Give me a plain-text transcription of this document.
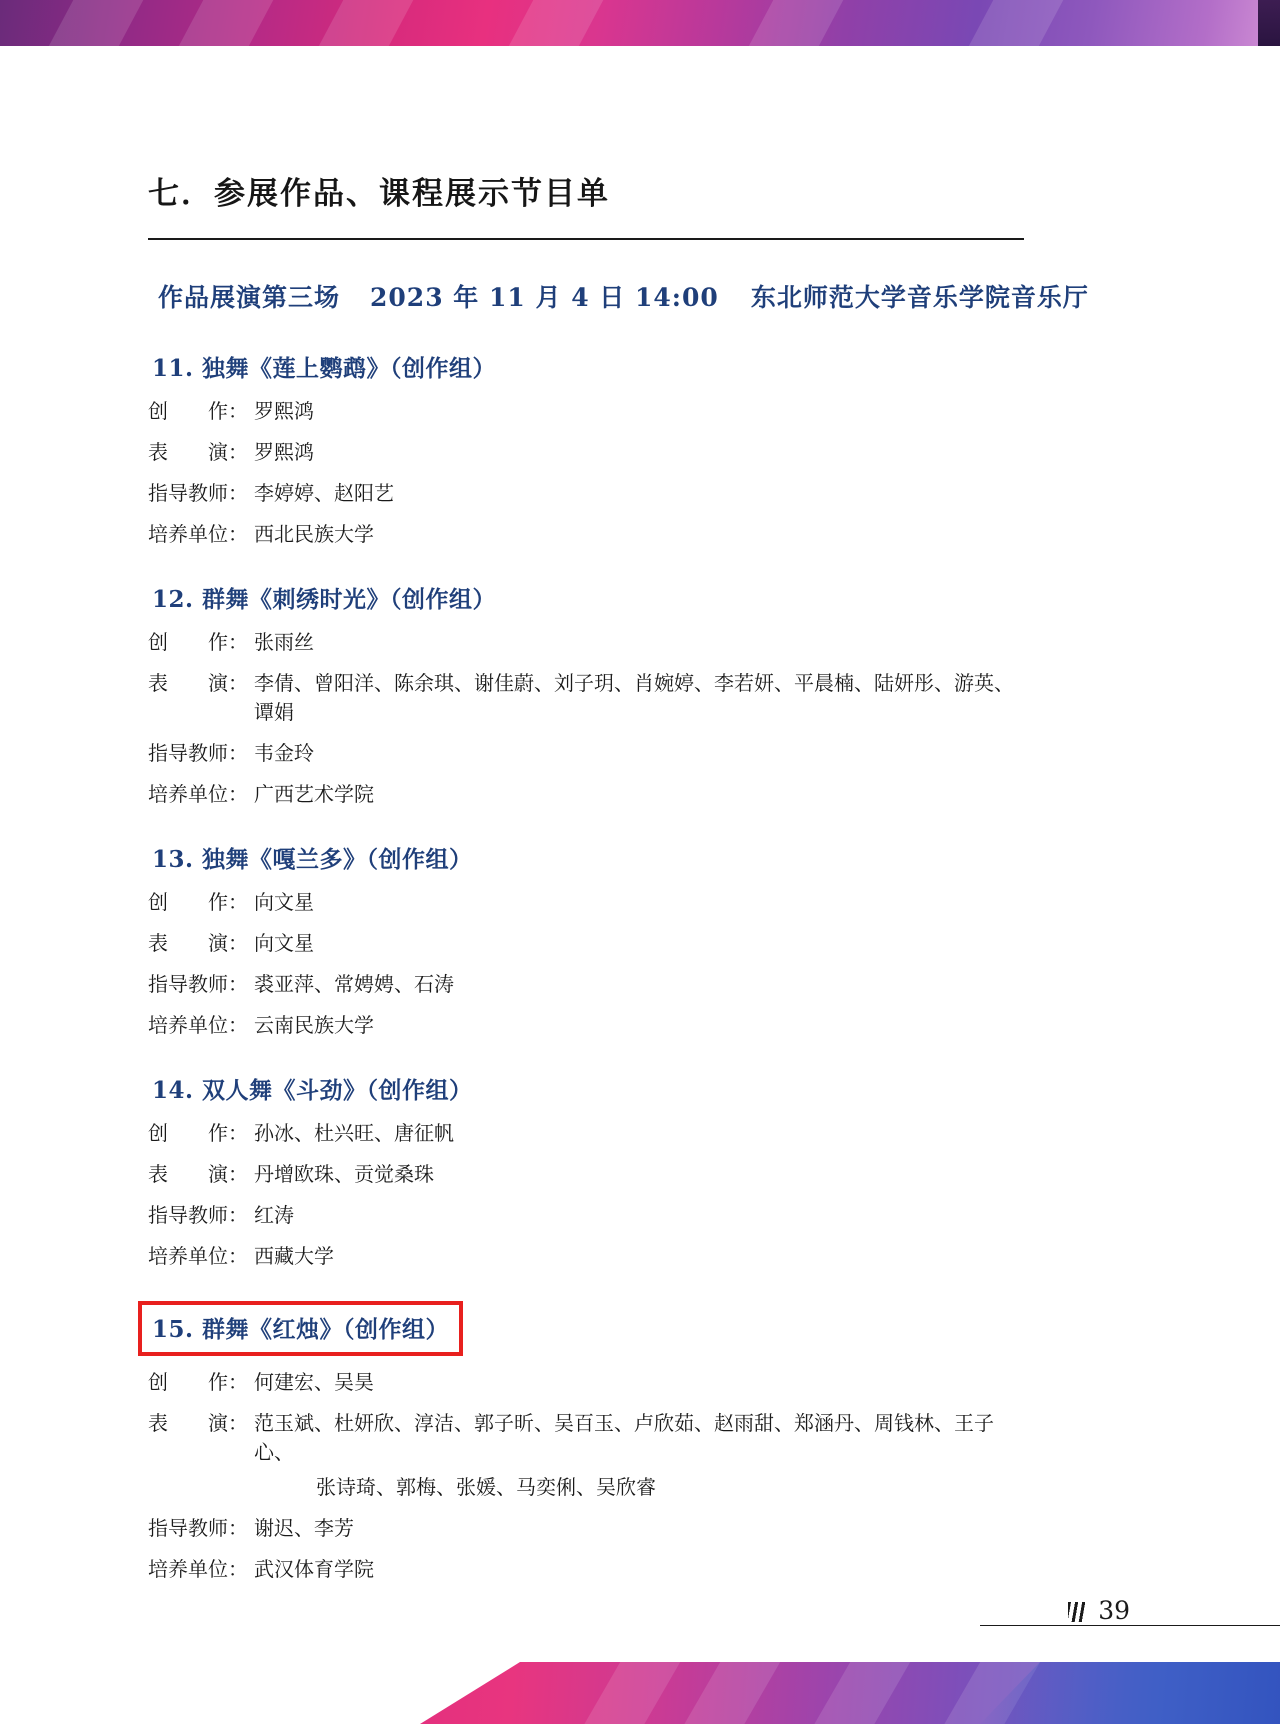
七．参展作品、课程展示节目单
作品展演第三场 2023 年 11 月 4 日 14:00 东北师范大学音乐学院音乐厅
11. 独舞《莲上鹦鹉》（创作组）
创　　作： 罗熙鸿
表　　演： 罗熙鸿
指导教师： 李婷婷、赵阳艺
培养单位： 西北民族大学
12. 群舞《刺绣时光》（创作组）
创　　作： 张雨丝
表　　演： 李倩、曾阳洋、陈余琪、谢佳蔚、刘子玥、肖婉婷、李若妍、平晨楠、陆妍彤、游英、谭娟
指导教师： 韦金玲
培养单位： 广西艺术学院
13. 独舞《嘎兰多》（创作组）
创　　作： 向文星
表　　演： 向文星
指导教师： 裘亚萍、常娉娉、石涛
培养单位： 云南民族大学
14. 双人舞《斗劲》（创作组）
创　　作： 孙冰、杜兴旺、唐征帆
表　　演： 丹增欧珠、贡觉桑珠
指导教师： 红涛
培养单位： 西藏大学
15. 群舞《红烛》（创作组）
创　　作： 何建宏、吴昊
表　　演： 范玉斌、杜妍欣、淳洁、郭子昕、吴百玉、卢欣茹、赵雨甜、郑涵丹、周钱林、王子心、
张诗琦、郭梅、张媛、马奕俐、吴欣睿
指导教师： 谢迟、李芳
培养单位： 武汉体育学院
39
